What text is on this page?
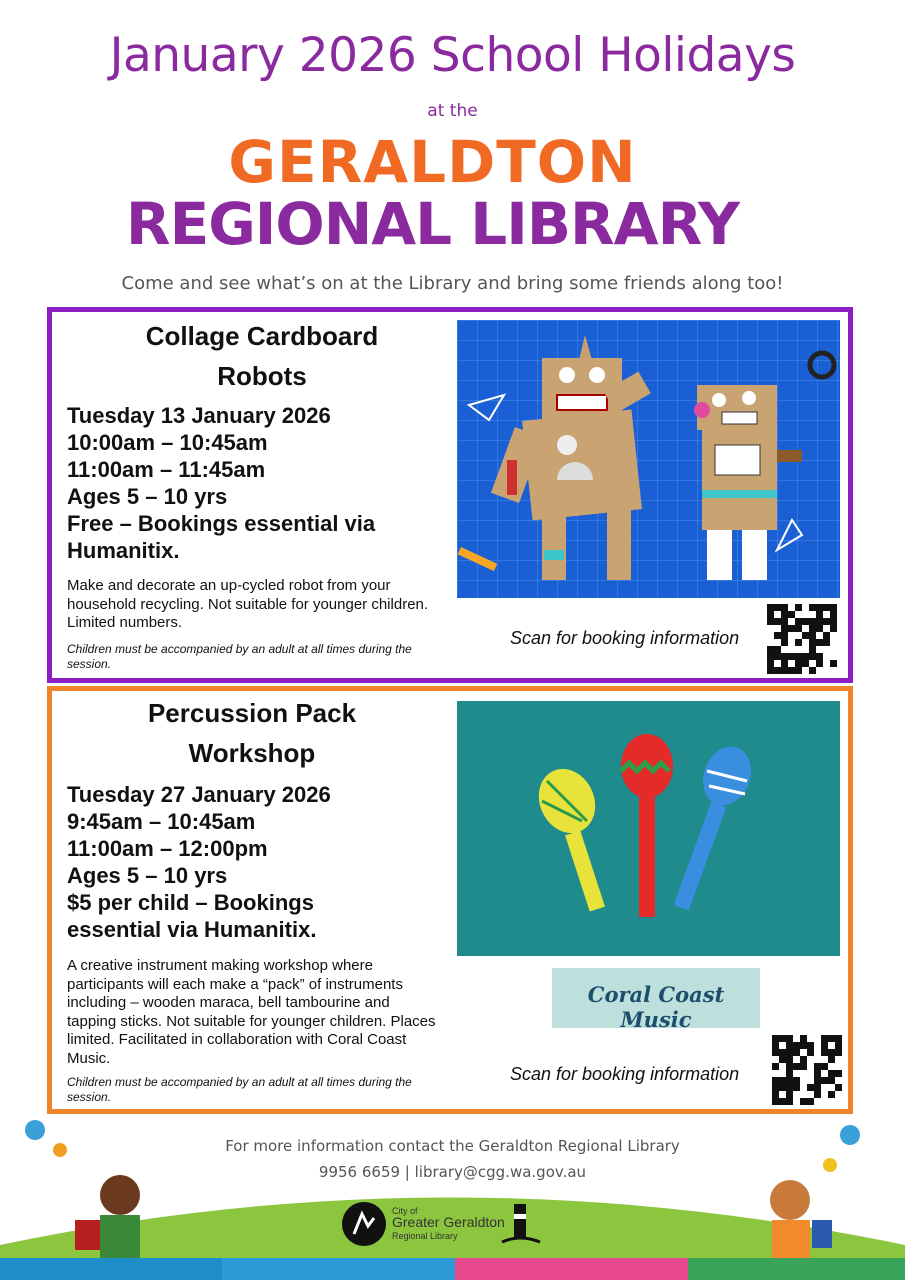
January 2026 School Holidays
at the
GERALDTON
REGIONAL LIBRARY
Come and see what’s on at the Library and bring some friends along too!
Collage Cardboard
Robots
Tuesday 13 January 2026
10:00am – 10:45am
11:00am – 11:45am
Ages 5 – 10 yrs
Free – Bookings essential via
Humanitix.
Make and decorate an up-cycled robot from your household recycling. Not suitable for younger children. Limited numbers.
Children must be accompanied by an adult at all times during the session.
Scan for booking information
Percussion Pack
Workshop
Tuesday 27 January 2026
9:45am – 10:45am
11:00am – 12:00pm
Ages 5 – 10 yrs
$5 per child – Bookings
essential via Humanitix.
A creative instrument making workshop where participants will each make a “pack” of instruments including – wooden maraca, bell tambourine and tapping sticks. Not suitable for younger children. Places limited. Facilitated in collaboration with Coral Coast Music.
Children must be accompanied by an adult at all times during the session.
Coral Coast Music
Scan for booking information
For more information contact the Geraldton Regional Library
9956 6659 | library@cgg.wa.gov.au
City of
Greater Geraldton
Regional Library
